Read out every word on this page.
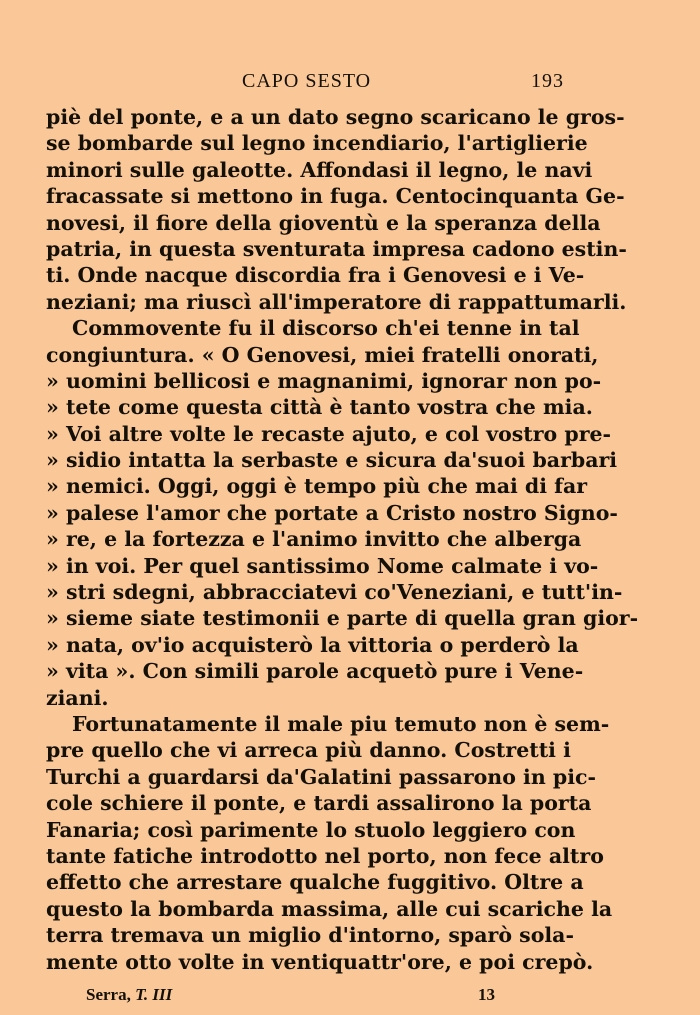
CAPO SESTO	193
piè del ponte, e a un dato segno scaricano le gros-
se bombarde sul legno incendiario, l'artiglierie
minori sulle galeotte. Affondasi il legno, le navi
fracassate si mettono in fuga. Centocinquanta Ge-
novesi, il fiore della gioventù e la speranza della
patria, in questa sventurata impresa cadono estin-
ti. Onde nacque discordia fra i Genovesi e i Ve-
neziani; ma riuscì all'imperatore di rappattumarli.
Commovente fu il discorso ch'ei tenne in tal
congiuntura. « O Genovesi, miei fratelli onorati,
» uomini bellicosi e magnanimi, ignorar non po-
» tete come questa città è tanto vostra che mia.
» Voi altre volte le recaste ajuto, e col vostro pre-
» sidio intatta la serbaste e sicura da'suoi barbari
» nemici. Oggi, oggi è tempo più che mai di far
» palese l'amor che portate a Cristo nostro Signo-
» re, e la fortezza e l'animo invitto che alberga
» in voi. Per quel santissimo Nome calmate i vo-
» stri sdegni, abbracciatevi co'Veneziani, e tutt'in-
» sieme siate testimonii e parte di quella gran gior-
» nata, ov'io acquisterò la vittoria o perderò la
» vita ». Con simili parole acquetò pure i Vene-
ziani.
Fortunatamente il male piu temuto non è sem-
pre quello che vi arreca più danno. Costretti i
Turchi a guardarsi da'Galatini passarono in pic-
cole schiere il ponte, e tardi assalirono la porta
Fanaria; così parimente lo stuolo leggiero con
tante fatiche introdotto nel porto, non fece altro
effetto che arrestare qualche fuggitivo. Oltre a
questo la bombarda massima, alle cui scariche la
terra tremava un miglio d'intorno, sparò sola-
mente otto volte in ventiquattr'ore, e poi crepò.
Serra, T. III	13
